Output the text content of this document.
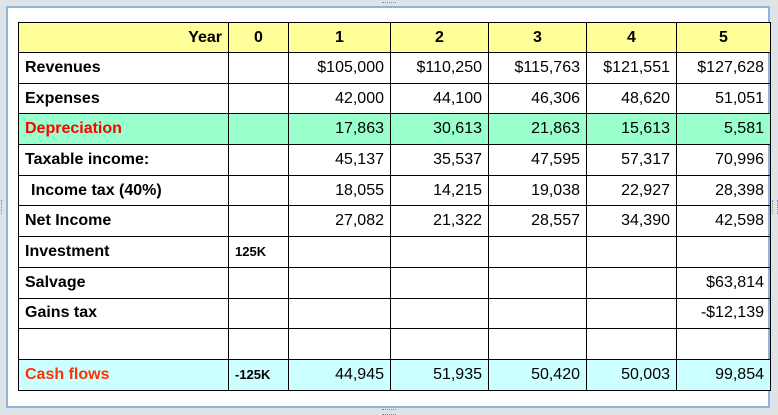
Year	0	1	2	3	4	5
Revenues		$105,000	$110,250	$115,763	$121,551	$127,628
Expenses		42,000	44,100	46,306	48,620	51,051
Depreciation		17,863	30,613	21,863	15,613	5,581
Taxable income:		45,137	35,537	47,595	57,317	70,996
Income tax (40%)		18,055	14,215	19,038	22,927	28,398
Net Income		27,082	21,322	28,557	34,390	42,598
Investment	125K					
Salvage						$63,814
Gains tax						-$12,139

Cash flows	-125K	44,945	51,935	50,420	50,003	99,854
